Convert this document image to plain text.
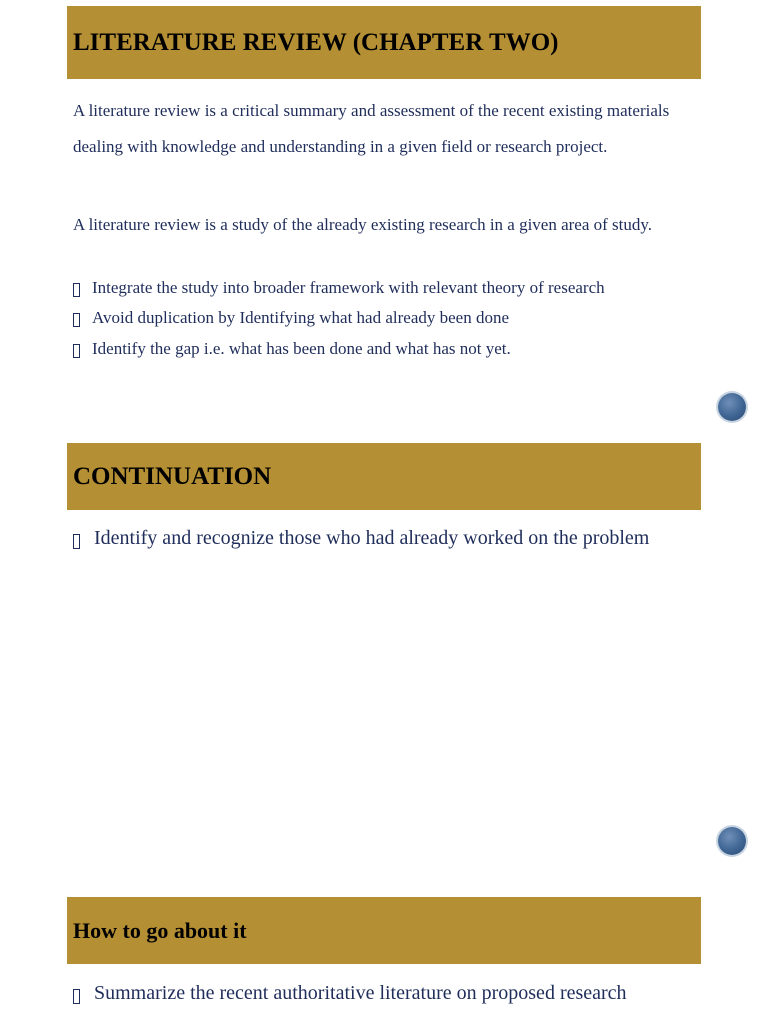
LITERATURE REVIEW (CHAPTER TWO)

A literature review is a critical summary and assessment of the recent existing materials dealing with knowledge and understanding in a given field or research project.

A literature review is a study of the already existing research in a given area of study.

Integrate the study into broader framework with relevant theory of research
Avoid duplication by Identifying what had already been done
Identify the gap i.e. what has been done and what has not yet.
CONTINUATION
Identify and recognize those who had already worked on the problem
How to go about it
Summarize the recent authoritative literature on proposed research
